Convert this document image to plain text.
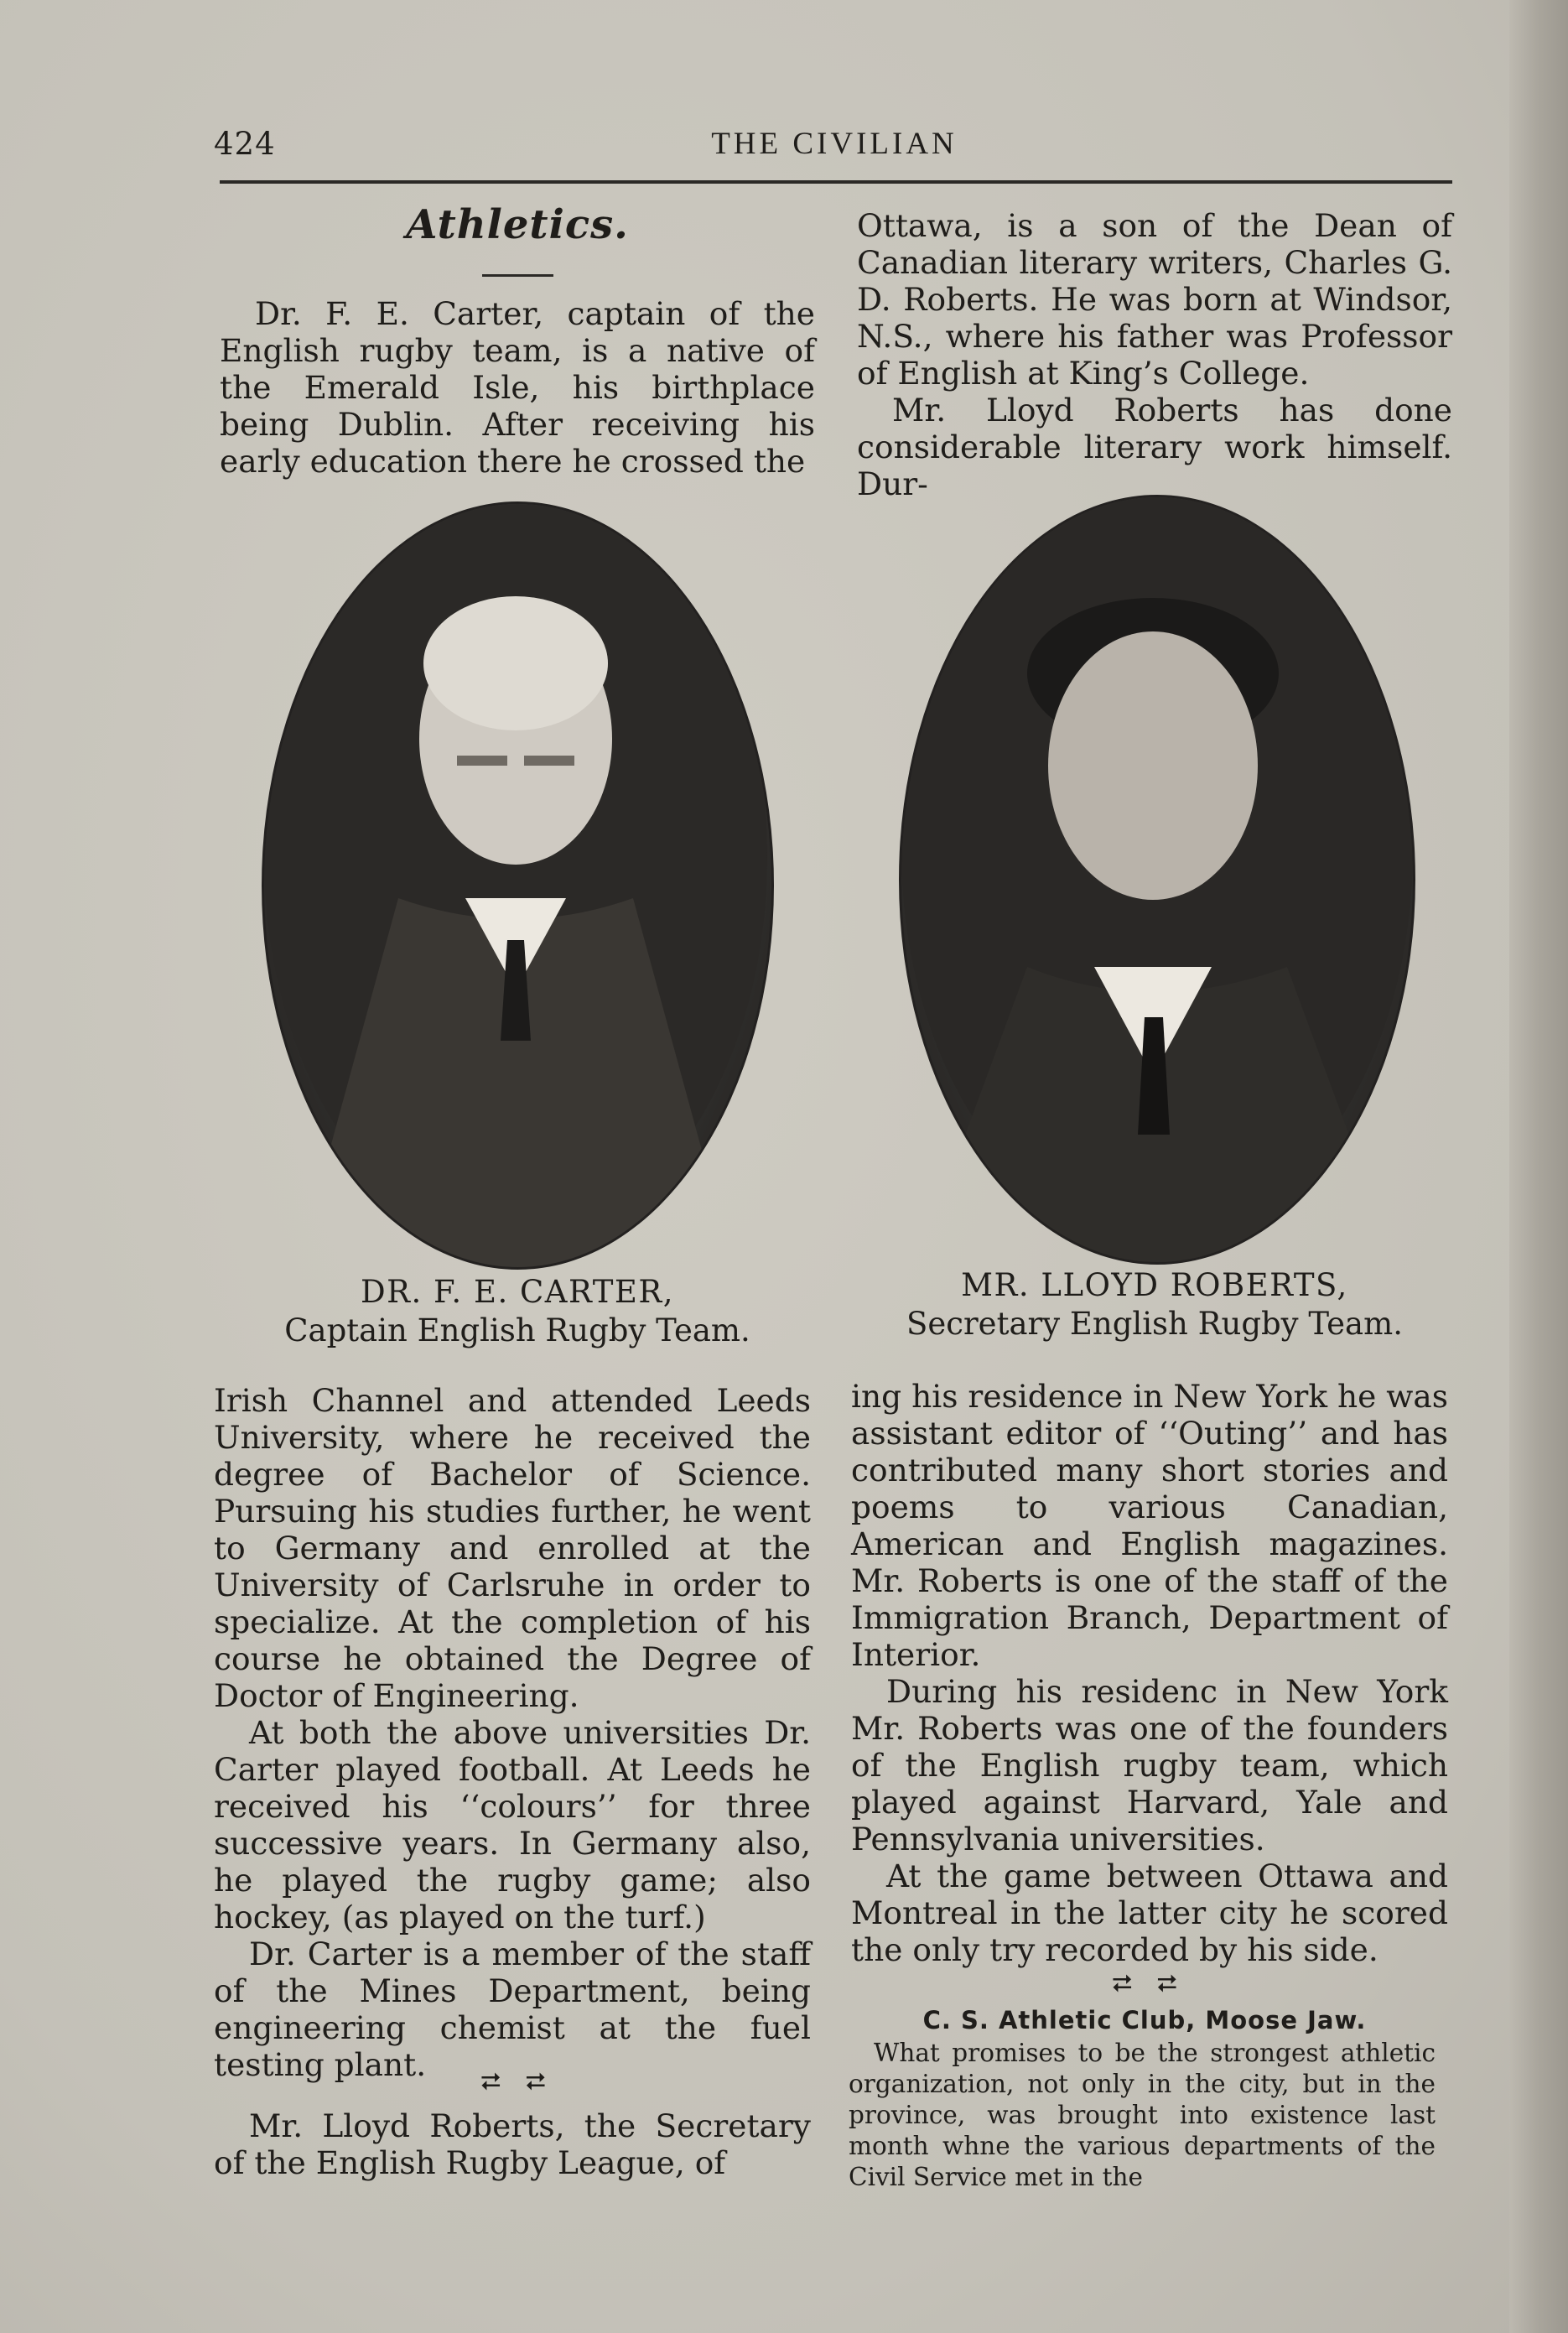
424	THE CIVILIAN
Athletics.

Dr. F. E. Carter, captain of the English rugby team, is a native of the Emerald Isle, his birthplace being Dublin. After receiving his early education there he crossed the

Ottawa, is a son of the Dean of Canadian literary writers, Charles G. D. Roberts. He was born at Windsor, N.S., where his father was Professor of English at King’s College.

Mr. Lloyd Roberts has done considerable literary work himself. Dur-

DR. F. E. CARTER,
Captain English Rugby Team.
MR. LLOYD ROBERTS,
Secretary English Rugby Team.

Irish Channel and attended Leeds University, where he received the degree of Bachelor of Science. Pursuing his studies further, he went to Germany and enrolled at the University of Carlsruhe in order to specialize. At the completion of his course he obtained the Degree of Doctor of Engineering.

At both the above universities Dr. Carter played football. At Leeds he received his ‘‘colours’’ for three successive years. In Germany also, he played the rugby game; also hockey, (as played on the turf.)

Dr. Carter is a member of the staff of the Mines Department, being engineering chemist at the fuel testing plant.	⮂ ⮂

Mr. Lloyd Roberts, the Secretary of the English Rugby League, of

ing his residence in New York he was assistant editor of ‘‘Outing’’ and has contributed many short stories and poems to various Canadian, American and English magazines. Mr. Roberts is one of the staff of the Immigration Branch, Department of Interior.

During his residenc in New York Mr. Roberts was one of the founders of the English rugby team, which played against Harvard, Yale and Pennsylvania universities.

At the game between Ottawa and Montreal in the latter city he scored the only try recorded by his side.

⮂ ⮂
C. S. Athletic Club, Moose Jaw.

What promises to be the strongest athletic organization, not only in the city, but in the province, was brought into existence last month whne the various departments of the Civil Service met in the
